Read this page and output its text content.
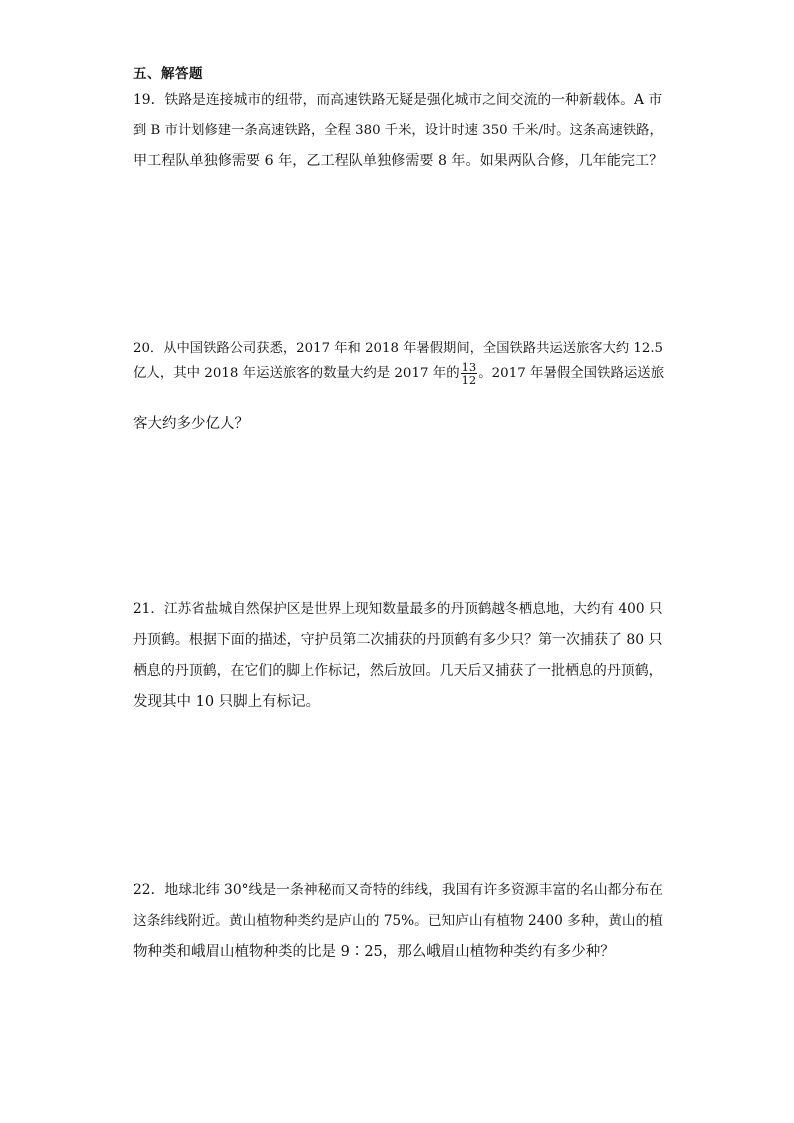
五、解答题
19．铁路是连接城市的纽带，而高速铁路无疑是强化城市之间交流的一种新载体。A 市
到 B 市计划修建一条高速铁路，全程 380 千米，设计时速 350 千米/时。这条高速铁路，
甲工程队单独修需要 6 年，乙工程队单独修需要 8 年。如果两队合修，几年能完工？
20．从中国铁路公司获悉，2017 年和 2018 年暑假期间，全国铁路共运送旅客大约 12.5
亿人，其中 2018 年运送旅客的数量大约是 2017 年的 $\frac{13}{12}$ 。2017 年暑假全国铁路运送旅
客大约多少亿人？
21．江苏省盐城自然保护区是世界上现知数量最多的丹顶鹤越冬栖息地，大约有 400 只
丹顶鹤。根据下面的描述，守护员第二次捕获的丹顶鹤有多少只？第一次捕获了 80 只
栖息的丹顶鹤，在它们的脚上作标记，然后放回。几天后又捕获了一批栖息的丹顶鹤，
发现其中 10 只脚上有标记。
22．地球北纬 30°线是一条神秘而又奇特的纬线，我国有许多资源丰富的名山都分布在
这条纬线附近。黄山植物种类约是庐山的 75%。已知庐山有植物 2400 多种，黄山的植
物种类和峨眉山植物种类的比是 9∶25，那么峨眉山植物种类约有多少种？
